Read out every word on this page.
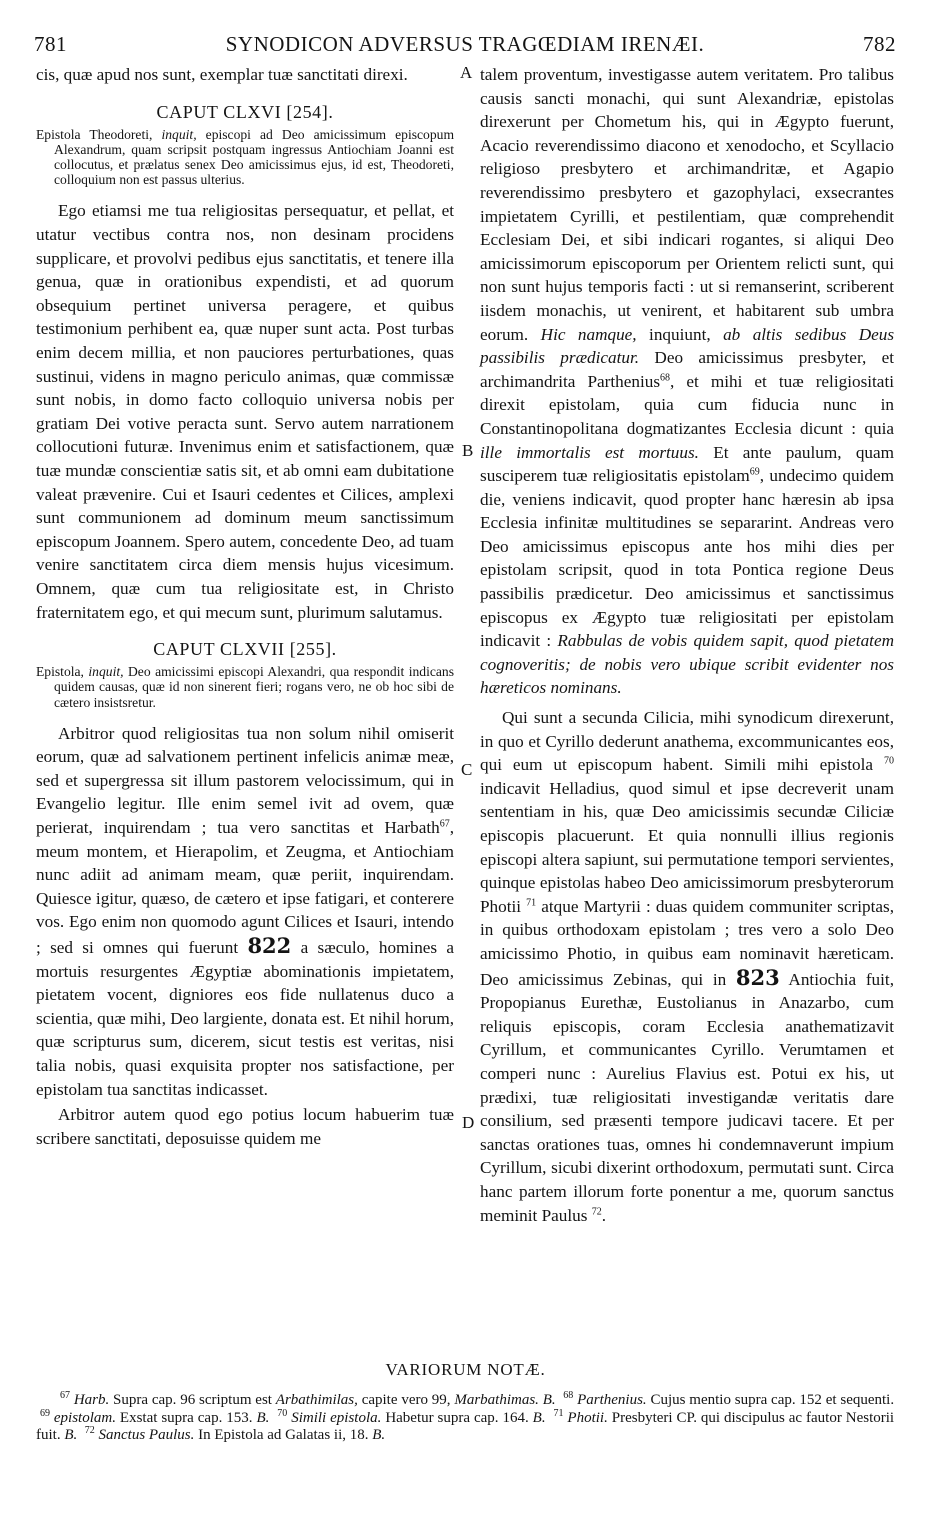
781	SYNODICON ADVERSUS TRAGŒDIAM IRENÆI.	782
A
B
C
D

cis, quæ apud nos sunt, exemplar tuæ sanctitati direxi.

CAPUT CLXVI [254].
Epistola Theodoreti, inquit, episcopi ad Deo amicissimum episcopum Alexandrum, quam scripsit postquam ingressus Antiochiam Joanni est collocutus, et prælatus senex Deo amicissimus ejus, id est, Theodoreti, colloquium non est passus ulterius.

Ego etiamsi me tua religiositas persequatur, et pellat, et utatur vectibus contra nos, non desinam procidens supplicare, et provolvi pedibus ejus sanctitatis, et tenere illa genua, quæ in orationibus expendisti, et ad quorum obsequium pertinet universa peragere, et quibus testimonium perhibent ea, quæ nuper sunt acta. Post turbas enim decem millia, et non pauciores perturbationes, quas sustinui, videns in magno periculo animas, quæ commissæ sunt nobis, in domo facto colloquio universa nobis per gratiam Dei votive peracta sunt. Servo autem narrationem collocutioni futuræ. Invenimus enim et satisfactionem, quæ tuæ mundæ conscientiæ satis sit, et ab omni eam dubitatione valeat prævenire. Cui et Isauri cedentes et Cilices, amplexi sunt communionem ad dominum meum sanctissimum episcopum Joannem. Spero autem, concedente Deo, ad tuam venire sanctitatem circa diem mensis hujus vicesimum. Omnem, quæ cum tua religiositate est, in Christo fraternitatem ego, et qui mecum sunt, plurimum salutamus.

CAPUT CLXVII [255].
Epistola, inquit, Deo amicissimi episcopi Alexandri, qua respondit indicans quidem causas, quæ id non sinerent fieri; rogans vero, ne ob hoc sibi de cætero insistsretur.

Arbitror quod religiositas tua non solum nihil omiserit eorum, quæ ad salvationem pertinent infelicis animæ meæ, sed et supergressa sit illum pastorem velocissimum, qui in Evangelio legitur. Ille enim semel ivit ad ovem, quæ perierat, inquirendam ; tua vero sanctitas et Harbath$^{67}$, meum montem, et Hierapolim, et Zeugma, et Antiochiam nunc adiit ad animam meam, quæ periit, inquirendam. Quiesce igitur, quæso, de cætero et ipse fatigari, et conterere vos. Ego enim non quomodo agunt Cilices et Isauri, intendo ; sed si omnes qui fuerunt 822 a sæculo, homines a mortuis resurgentes Ægyptiæ abominationis impietatem, pietatem vocent, digniores eos fide nullatenus duco a scientia, quæ mihi, Deo largiente, donata est. Et nihil horum, quæ scripturus sum, dicerem, sicut testis est veritas, nisi talia nobis, quasi exquisita propter nos satisfactione, per epistolam tua sanctitas indicasset.

Arbitror autem quod ego potius locum habuerim tuæ scribere sanctitati, deposuisse quidem me

talem proventum, investigasse autem veritatem. Pro talibus causis sancti monachi, qui sunt Alexandriæ, epistolas direxerunt per Chometum his, qui in Ægypto fuerunt, Acacio reverendissimo diacono et xenodocho, et Scyllacio religioso presbytero et archimandritæ, et Agapio reverendissimo presbytero et gazophylaci, exsecrantes impietatem Cyrilli, et pestilentiam, quæ comprehendit Ecclesiam Dei, et sibi indicari rogantes, si aliqui Deo amicissimorum episcoporum per Orientem relicti sunt, qui non sunt hujus temporis facti : ut si remanserint, scriberent iisdem monachis, ut venirent, et habitarent sub umbra eorum. Hic namque, inquiunt, ab altis sedibus Deus passibilis prædicatur. Deo amicissimus presbyter, et archimandrita Parthenius$^{68}$, et mihi et tuæ religiositati direxit epistolam, quia cum fiducia nunc in Constantinopolitana dogmatizantes Ecclesia dicunt : quia ille immortalis est mortuus. Et ante paulum, quam susciperem tuæ religiositatis epistolam$^{69}$, undecimo quidem die, veniens indicavit, quod propter hanc hæresin ab ipsa Ecclesia infinitæ multitudines se separarint. Andreas vero Deo amicissimus episcopus ante hos mihi dies per epistolam scripsit, quod in tota Pontica regione Deus passibilis prædicetur. Deo amicissimus et sanctissimus episcopus ex Ægypto tuæ religiositati per epistolam indicavit : Rabbulas de vobis quidem sapit, quod pietatem cognoveritis; de nobis vero ubique scribit evidenter nos hæreticos nominans.

Qui sunt a secunda Cilicia, mihi synodicum direxerunt, in quo et Cyrillo dederunt anathema, excommunicantes eos, qui eum ut episcopum habent. Simili mihi epistola $^{70}$ indicavit Helladius, quod simul et ipse decreverit unam sententiam in his, quæ Deo amicissimis secundæ Ciliciæ episcopis placuerunt. Et quia nonnulli illius regionis episcopi altera sapiunt, sui permutatione tempori servientes, quinque epistolas habeo Deo amicissimorum presbyterorum Photii $^{71}$ atque Martyrii : duas quidem communiter scriptas, in quibus orthodoxam epistolam ; tres vero a solo Deo amicissimo Photio, in quibus eam nominavit hæreticam. Deo amicissimus Zebinas, qui in 823 Antiochia fuit, Propopianus Eurethæ, Eustolianus in Anazarbo, cum reliquis episcopis, coram Ecclesia anathematizavit Cyrillum, et communicantes Cyrillo. Verumtamen et comperi nunc : Aurelius Flavius est. Potui ex his, ut prædixi, tuæ religiositati investigandæ veritatis dare consilium, sed præsenti tempore judicavi tacere. Et per sanctas orationes tuas, omnes hi condemnaverunt impium Cyrillum, sicubi dixerint orthodoxum, permutati sunt. Circa hanc partem illorum forte ponentur a me, quorum sanctus meminit Paulus $^{72}$.

VARIORUM NOTÆ.
$^{67}$ Harb. Supra cap. 96 scriptum est Arbathimilas, capite vero 99, Marbathimas. B. $^{68}$ Parthenius. Cujus mentio supra cap. 152 et sequenti.  $^{69}$ epistolam. Exstat supra cap. 153. B. $^{70}$ Simili epistola. Habetur supra cap. 164. B. $^{71}$ Photii. Presbyteri CP. qui discipulus ac fautor Nestorii fuit. B. $^{72}$ Sanctus Paulus. In Epistola ad Galatas ii, 18. B.
